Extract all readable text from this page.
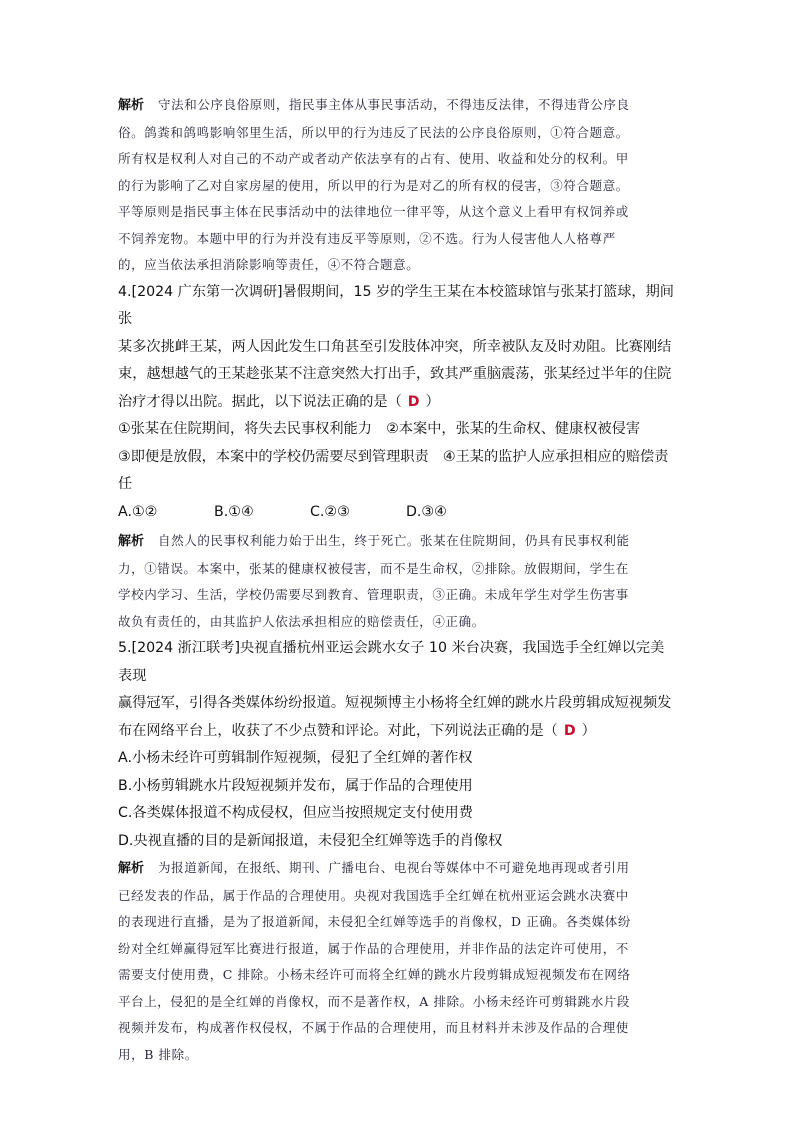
解析 守法和公序良俗原则，指民事主体从事民事活动，不得违反法律，不得违背公序良
俗。鸽粪和鸽鸣影响邻里生活，所以甲的行为违反了民法的公序良俗原则，①符合题意。
所有权是权利人对自己的不动产或者动产依法享有的占有、使用、收益和处分的权利。甲
的行为影响了乙对自家房屋的使用，所以甲的行为是对乙的所有权的侵害，③符合题意。
平等原则是指民事主体在民事活动中的法律地位一律平等，从这个意义上看甲有权饲养或
不饲养宠物。本题中甲的行为并没有违反平等原则，②不选。行为人侵害他人人格尊严
的，应当依法承担消除影响等责任，④不符合题意。
4.[2024 广东第一次调研]暑假期间，15 岁的学生王某在本校篮球馆与张某打篮球，期间张
某多次挑衅王某，两人因此发生口角甚至引发肢体冲突，所幸被队友及时劝阻。比赛刚结
束，越想越气的王某趁张某不注意突然大打出手，致其严重脑震荡，张某经过半年的住院
治疗才得以出院。据此，以下说法正确的是（ D ）
①张某在住院期间，将失去民事权利能力　②本案中，张某的生命权、健康权被侵害
③即便是放假，本案中的学校仍需要尽到管理职责　④王某的监护人应承担相应的赔偿责
任
A.①②	B.①④	C.②③	D.③④
解析 自然人的民事权利能力始于出生，终于死亡。张某在住院期间，仍具有民事权利能
力，①错误。本案中，张某的健康权被侵害，而不是生命权，②排除。放假期间，学生在
学校内学习、生活，学校仍需要尽到教育、管理职责，③正确。未成年学生对学生伤害事
故负有责任的，由其监护人依法承担相应的赔偿责任，④正确。
5.[2024 浙江联考]央视直播杭州亚运会跳水女子 10 米台决赛，我国选手全红婵以完美表现
赢得冠军，引得各类媒体纷纷报道。短视频博主小杨将全红婵的跳水片段剪辑成短视频发
布在网络平台上，收获了不少点赞和评论。对此，下列说法正确的是（ D ）
A.小杨未经许可剪辑制作短视频，侵犯了全红婵的著作权
B.小杨剪辑跳水片段短视频并发布，属于作品的合理使用
C.各类媒体报道不构成侵权，但应当按照规定支付使用费
D.央视直播的目的是新闻报道，未侵犯全红婵等选手的肖像权
解析 为报道新闻，在报纸、期刊、广播电台、电视台等媒体中不可避免地再现或者引用
已经发表的作品，属于作品的合理使用。央视对我国选手全红婵在杭州亚运会跳水决赛中
的表现进行直播，是为了报道新闻，未侵犯全红婵等选手的肖像权，D 正确。各类媒体纷
纷对全红婵赢得冠军比赛进行报道，属于作品的合理使用，并非作品的法定许可使用，不
需要支付使用费，C 排除。小杨未经许可而将全红婵的跳水片段剪辑成短视频发布在网络
平台上，侵犯的是全红婵的肖像权，而不是著作权，A 排除。小杨未经许可剪辑跳水片段
视频并发布，构成著作权侵权，不属于作品的合理使用，而且材料并未涉及作品的合理使
用，B 排除。
